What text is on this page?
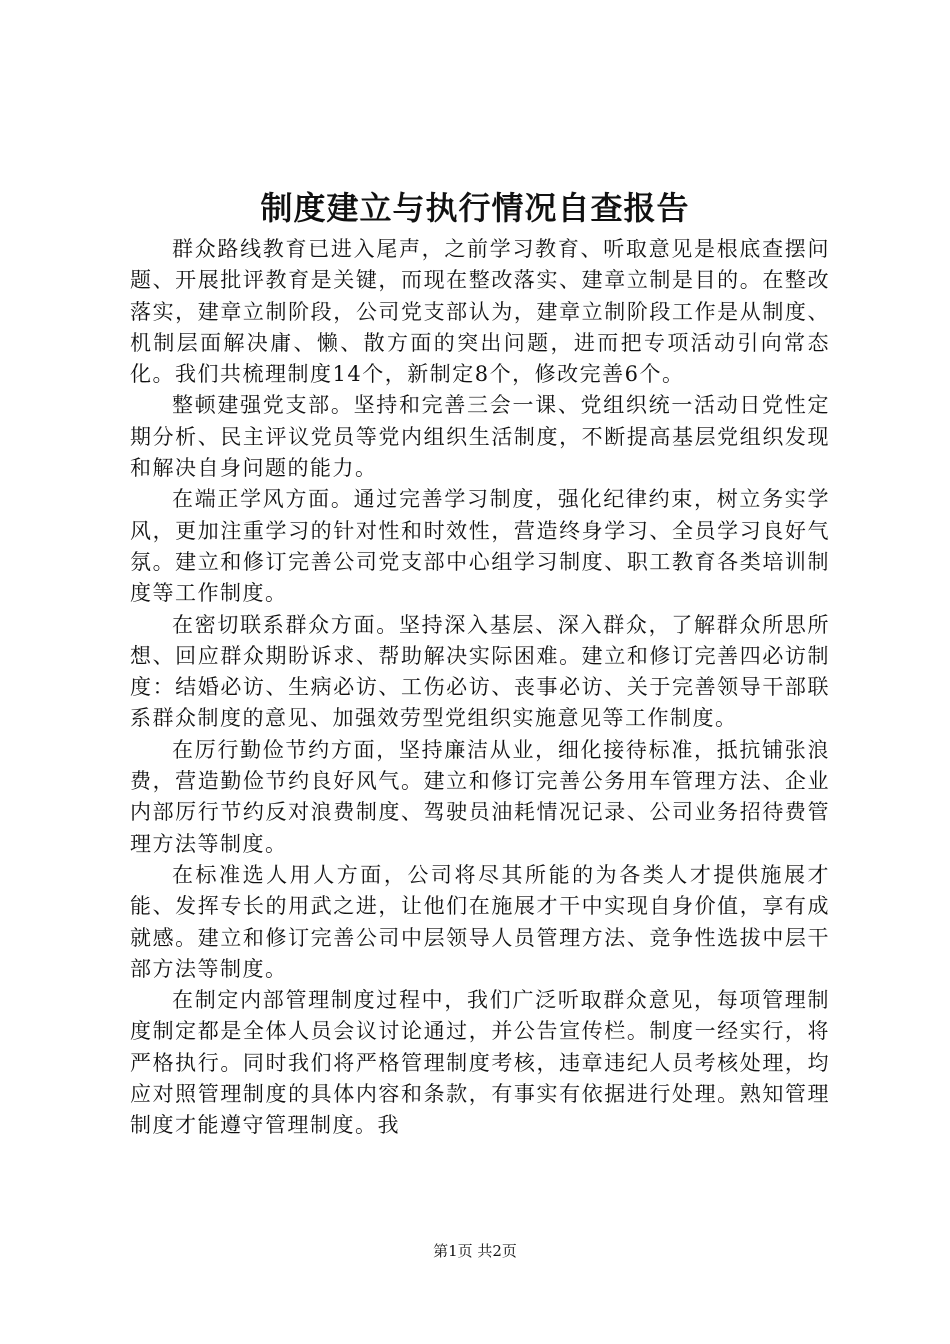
制度建立与执行情况自查报告

群众路线教育已进入尾声，之前学习教育、听取意见是根底查摆问题、开展批评教育是关键，而现在整改落实、建章立制是目的。在整改落实，建章立制阶段，公司党支部认为，建章立制阶段工作是从制度、机制层面解决庸、懒、散方面的突出问题，进而把专项活动引向常态化。我们共梳理制度14个，新制定8个，修改完善6个。

整顿建强党支部。坚持和完善三会一课、党组织统一活动日党性定期分析、民主评议党员等党内组织生活制度，不断提高基层党组织发现和解决自身问题的能力。

在端正学风方面。通过完善学习制度，强化纪律约束，树立务实学风，更加注重学习的针对性和时效性，营造终身学习、全员学习良好气氛。建立和修订完善公司党支部中心组学习制度、职工教育各类培训制度等工作制度。

在密切联系群众方面。坚持深入基层、深入群众，了解群众所思所想、回应群众期盼诉求、帮助解决实际困难。建立和修订完善四必访制度：结婚必访、生病必访、工伤必访、丧事必访、关于完善领导干部联系群众制度的意见、加强效劳型党组织实施意见等工作制度。

在厉行勤俭节约方面，坚持廉洁从业，细化接待标准，抵抗铺张浪费，营造勤俭节约良好风气。建立和修订完善公务用车管理方法、企业内部厉行节约反对浪费制度、驾驶员油耗情况记录、公司业务招待费管理方法等制度。

在标准选人用人方面，公司将尽其所能的为各类人才提供施展才能、发挥专长的用武之进，让他们在施展才干中实现自身价值，享有成就感。建立和修订完善公司中层领导人员管理方法、竞争性选拔中层干部方法等制度。

在制定内部管理制度过程中，我们广泛听取群众意见，每项管理制度制定都是全体人员会议讨论通过，并公告宣传栏。制度一经实行，将严格执行。同时我们将严格管理制度考核，违章违纪人员考核处理，均应对照管理制度的具体内容和条款，有事实有依据进行处理。熟知管理制度才能遵守管理制度。我

第1页 共2页
